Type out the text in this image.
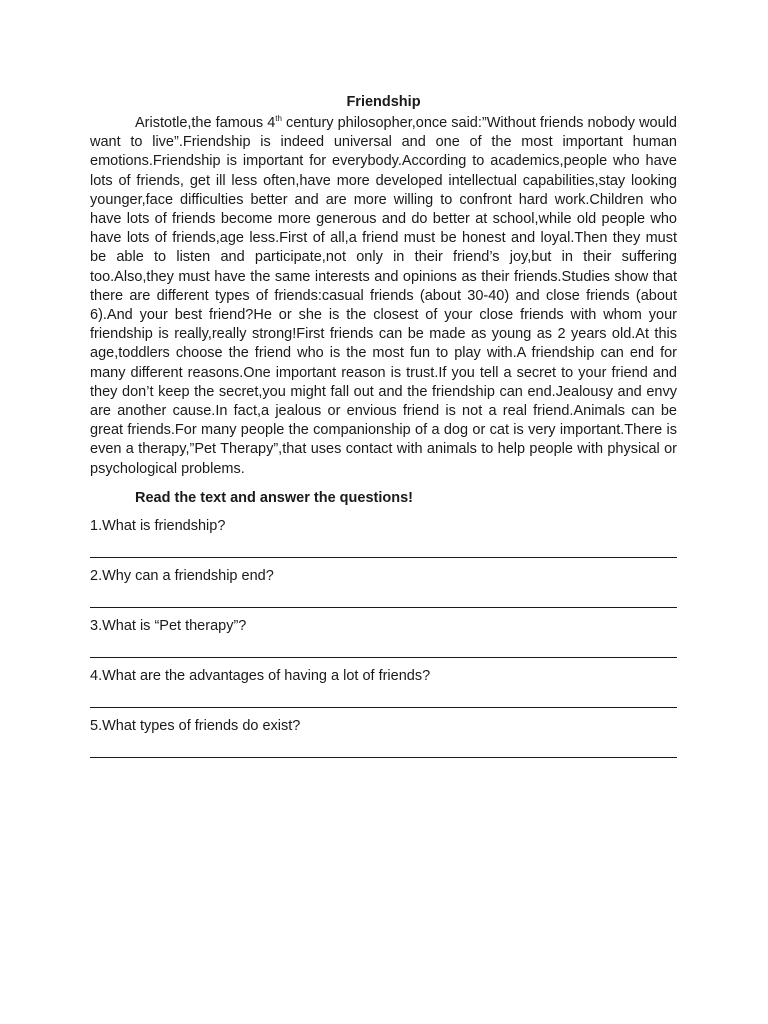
Friendship

Aristotle,the famous 4th century philosopher,once said:”Without friends nobody would want to live”.Friendship is indeed universal and one of the most important human emotions.Friendship is important for everybody.According to academics,people who have lots of friends, get ill less often,have more developed intellectual capabilities,stay looking younger,face difficulties better and are more willing to confront hard work.Children who have lots of friends become more generous and do better at school,while old people who have lots of friends,age less.First of all,a friend must be honest and loyal.Then they must be able to listen and participate,not only in their friend’s joy,but in their suffering too.Also,they must have the same interests and opinions as their friends.Studies show that there are different types of friends:casual friends (about 30-40) and close friends (about 6).And your best friend?He or she is the closest of your close friends with whom your friendship is really,really strong!First friends can be made as young as 2 years old.At this age,toddlers choose the friend who is the most fun to play with.A friendship can end for many different reasons.One important reason is trust.If you tell a secret to your friend and they don’t keep the secret,you might fall out and the friendship can end.Jealousy and envy are another cause.In fact,a jealous or envious friend is not a real friend.Animals can be great friends.For many people the companionship of a dog or cat is very important.There is even a therapy,”Pet Therapy”,that uses contact with animals to help people with physical or psychological problems.

Read the text and answer the questions!
1.What is friendship?
2.Why can a friendship end?
3.What is “Pet therapy”?
4.What are the advantages of having a lot of friends?
5.What types of friends do exist?
